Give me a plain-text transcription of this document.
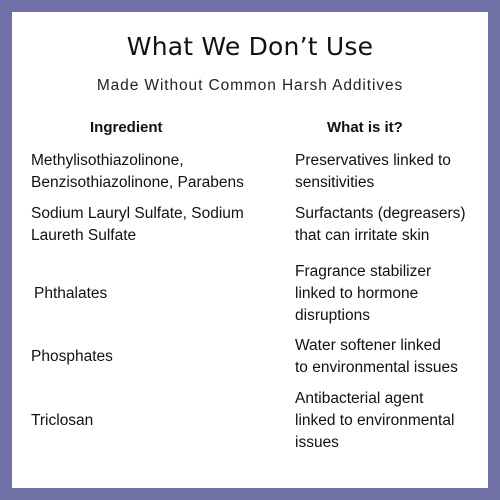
What We Don’t Use
Made Without Common Harsh Additives
Ingredient	What is it?
Methylisothiazolinone,
Benzisothiazolinone, Parabens
Preservatives linked to
sensitivities
Sodium Lauryl Sulfate, Sodium
Laureth Sulfate
Surfactants (degreasers)
that can irritate skin
Phthalates
Fragrance stabilizer
linked to hormone
disruptions
Phosphates
Water softener linked
to environmental issues
Triclosan
Antibacterial agent
linked to environmental
issues
